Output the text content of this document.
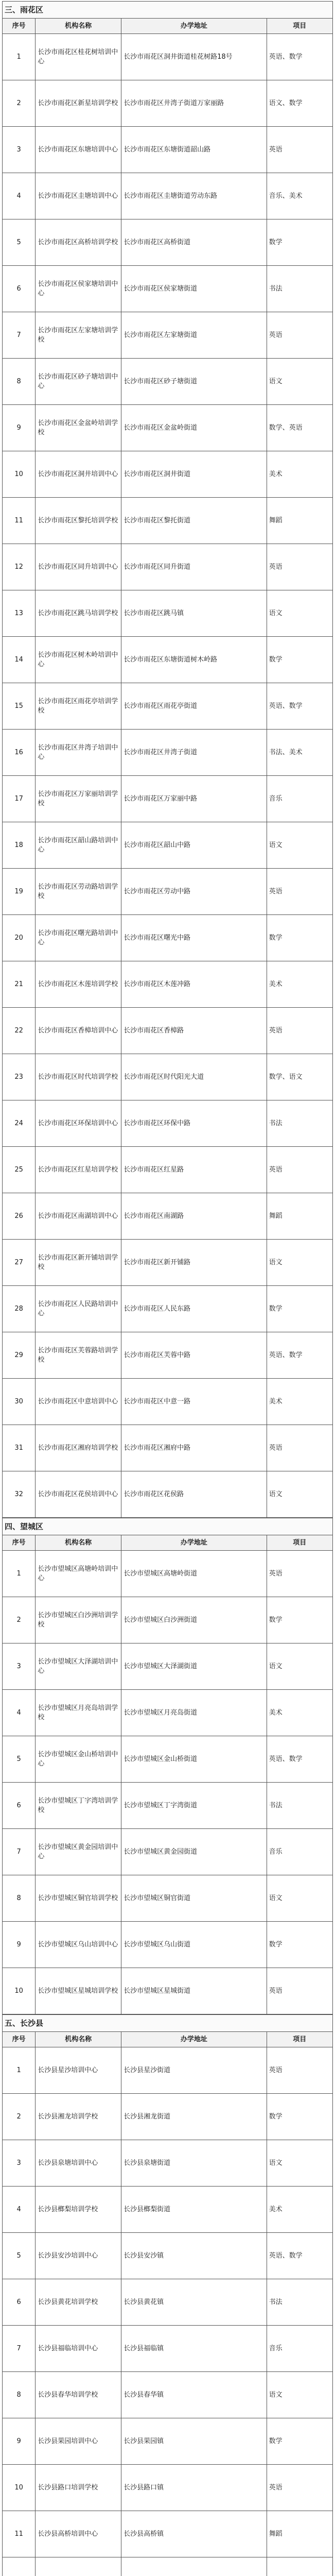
三、雨花区
序号	机构名称	办学地址	项目
1	长沙市雨花区桂花树培训中心	长沙市雨花区洞井街道桂花树路18号	英语、数学
2	长沙市雨花区新星培训学校	长沙市雨花区井湾子街道万家丽路	语文、数学
3	长沙市雨花区东塘培训中心	长沙市雨花区东塘街道韶山路	英语
4	长沙市雨花区圭塘培训中心	长沙市雨花区圭塘街道劳动东路	音乐、美术
5	长沙市雨花区高桥培训学校	长沙市雨花区高桥街道	数学
6	长沙市雨花区侯家塘培训中心	长沙市雨花区侯家塘街道	书法
7	长沙市雨花区左家塘培训学校	长沙市雨花区左家塘街道	英语
8	长沙市雨花区砂子塘培训中心	长沙市雨花区砂子塘街道	语文
9	长沙市雨花区金盆岭培训学校	长沙市雨花区金盆岭街道	数学、英语
10	长沙市雨花区洞井培训中心	长沙市雨花区洞井街道	美术
11	长沙市雨花区黎托培训学校	长沙市雨花区黎托街道	舞蹈
12	长沙市雨花区同升培训中心	长沙市雨花区同升街道	英语
13	长沙市雨花区跳马培训学校	长沙市雨花区跳马镇	语文
14	长沙市雨花区树木岭培训中心	长沙市雨花区东塘街道树木岭路	数学
15	长沙市雨花区雨花亭培训学校	长沙市雨花区雨花亭街道	英语、数学
16	长沙市雨花区井湾子培训中心	长沙市雨花区井湾子街道	书法、美术
17	长沙市雨花区万家丽培训学校	长沙市雨花区万家丽中路	音乐
18	长沙市雨花区韶山路培训中心	长沙市雨花区韶山中路	语文
19	长沙市雨花区劳动路培训学校	长沙市雨花区劳动中路	英语
20	长沙市雨花区曙光路培训中心	长沙市雨花区曙光中路	数学
21	长沙市雨花区木莲培训学校	长沙市雨花区木莲冲路	美术
22	长沙市雨花区香樟培训中心	长沙市雨花区香樟路	英语
23	长沙市雨花区时代培训学校	长沙市雨花区时代阳光大道	数学、语文
24	长沙市雨花区环保培训中心	长沙市雨花区环保中路	书法
25	长沙市雨花区红星培训学校	长沙市雨花区红星路	英语
26	长沙市雨花区南湖培训中心	长沙市雨花区南湖路	舞蹈
27	长沙市雨花区新开铺培训学校	长沙市雨花区新开铺路	语文
28	长沙市雨花区人民路培训中心	长沙市雨花区人民东路	数学
29	长沙市雨花区芙蓉路培训学校	长沙市雨花区芙蓉中路	英语、数学
30	长沙市雨花区中意培训中心	长沙市雨花区中意一路	美术
31	长沙市雨花区湘府培训学校	长沙市雨花区湘府中路	英语
32	长沙市雨花区花侯培训中心	长沙市雨花区花侯路	语文
四、望城区
序号	机构名称	办学地址	项目
1	长沙市望城区高塘岭培训中心	长沙市望城区高塘岭街道	英语
2	长沙市望城区白沙洲培训学校	长沙市望城区白沙洲街道	数学
3	长沙市望城区大泽湖培训中心	长沙市望城区大泽湖街道	语文
4	长沙市望城区月亮岛培训学校	长沙市望城区月亮岛街道	美术
5	长沙市望城区金山桥培训中心	长沙市望城区金山桥街道	英语、数学
6	长沙市望城区丁字湾培训学校	长沙市望城区丁字湾街道	书法
7	长沙市望城区黄金园培训中心	长沙市望城区黄金园街道	音乐
8	长沙市望城区铜官培训学校	长沙市望城区铜官街道	语文
9	长沙市望城区乌山培训中心	长沙市望城区乌山街道	数学
10	长沙市望城区星城培训学校	长沙市望城区星城街道	英语
五、长沙县
序号	机构名称	办学地址	项目
1	长沙县星沙培训中心	长沙县星沙街道	英语
2	长沙县湘龙培训学校	长沙县湘龙街道	数学
3	长沙县泉塘培训中心	长沙县泉塘街道	语文
4	长沙县榔梨培训学校	长沙县榔梨街道	美术
5	长沙县安沙培训中心	长沙县安沙镇	英语、数学
6	长沙县黄花培训学校	长沙县黄花镇	书法
7	长沙县福临培训中心	长沙县福临镇	音乐
8	长沙县春华培训学校	长沙县春华镇	语文
9	长沙县果园培训中心	长沙县果园镇	数学
10	长沙县路口培训学校	长沙县路口镇	英语
11	长沙县高桥培训中心	长沙县高桥镇	舞蹈
